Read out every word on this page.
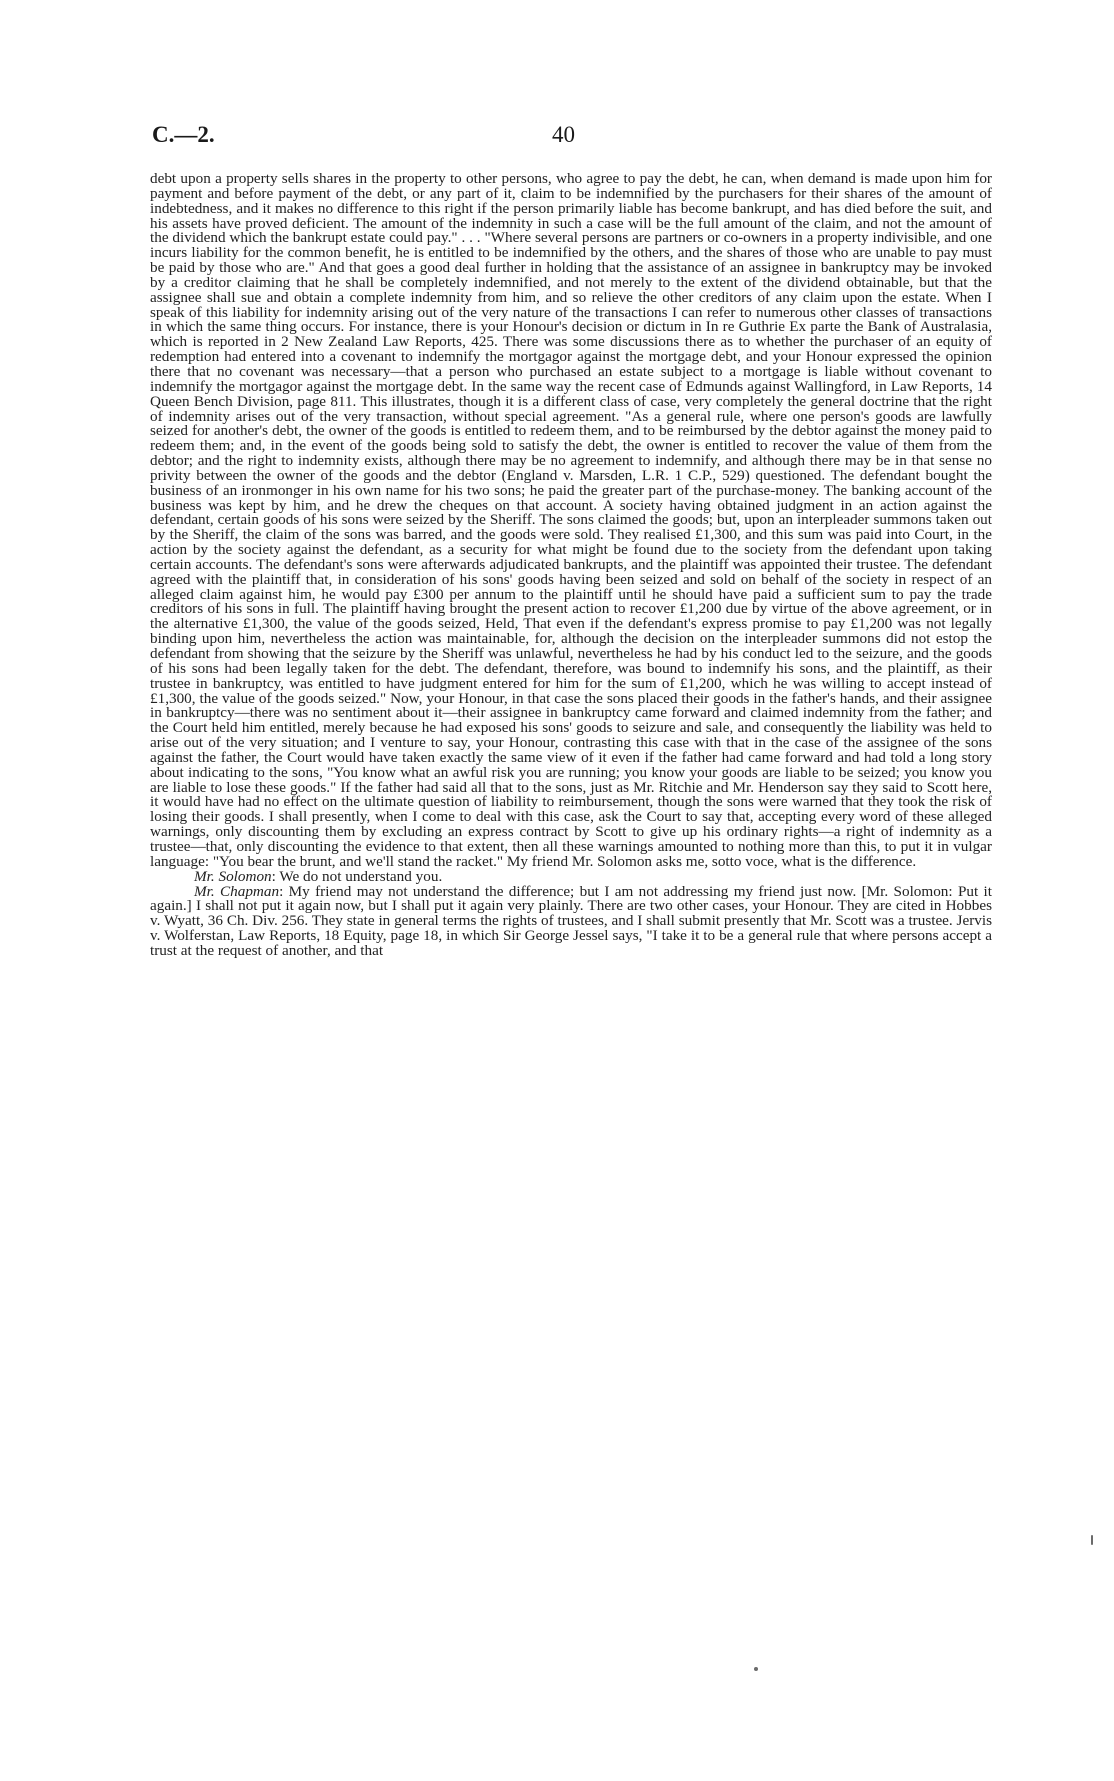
C.—2.	40

debt upon a property sells shares in the property to other persons, who agree to pay the debt, he can, when demand is made upon him for payment and before payment of the debt, or any part of it, claim to be indemnified by the purchasers for their shares of the amount of indebtedness, and it makes no difference to this right if the person primarily liable has become bankrupt, and has died before the suit, and his assets have proved deficient. The amount of the indemnity in such a case will be the full amount of the claim, and not the amount of the dividend which the bankrupt estate could pay." . . . "Where several persons are partners or co-owners in a property indivisible, and one incurs liability for the common benefit, he is entitled to be indemnified by the others, and the shares of those who are unable to pay must be paid by those who are." And that goes a good deal further in holding that the assistance of an assignee in bankruptcy may be invoked by a creditor claiming that he shall be completely indemnified, and not merely to the extent of the dividend obtainable, but that the assignee shall sue and obtain a complete indemnity from him, and so relieve the other creditors of any claim upon the estate. When I speak of this liability for indemnity arising out of the very nature of the transactions I can refer to numerous other classes of transactions in which the same thing occurs. For instance, there is your Honour's decision or dictum in In re Guthrie Ex parte the Bank of Australasia, which is reported in 2 New Zealand Law Reports, 425. There was some discussions there as to whether the purchaser of an equity of redemption had entered into a covenant to indemnify the mortgagor against the mortgage debt, and your Honour expressed the opinion there that no covenant was necessary—that a person who purchased an estate subject to a mortgage is liable without covenant to indemnify the mortgagor against the mortgage debt. In the same way the recent case of Edmunds against Wallingford, in Law Reports, 14 Queen Bench Division, page 811. This illustrates, though it is a different class of case, very completely the general doctrine that the right of indemnity arises out of the very transaction, without special agreement. "As a general rule, where one person's goods are lawfully seized for another's debt, the owner of the goods is entitled to redeem them, and to be reimbursed by the debtor against the money paid to redeem them; and, in the event of the goods being sold to satisfy the debt, the owner is entitled to recover the value of them from the debtor; and the right to indemnity exists, although there may be no agreement to indemnify, and although there may be in that sense no privity between the owner of the goods and the debtor (England v. Marsden, L.R. 1 C.P., 529) questioned. The defendant bought the business of an ironmonger in his own name for his two sons; he paid the greater part of the purchase-money. The banking account of the business was kept by him, and he drew the cheques on that account. A society having obtained judgment in an action against the defendant, certain goods of his sons were seized by the Sheriff. The sons claimed the goods; but, upon an interpleader summons taken out by the Sheriff, the claim of the sons was barred, and the goods were sold. They realised £1,300, and this sum was paid into Court, in the action by the society against the defendant, as a security for what might be found due to the society from the defendant upon taking certain accounts. The defendant's sons were afterwards adjudicated bankrupts, and the plaintiff was appointed their trustee. The defendant agreed with the plaintiff that, in consideration of his sons' goods having been seized and sold on behalf of the society in respect of an alleged claim against him, he would pay £300 per annum to the plaintiff until he should have paid a sufficient sum to pay the trade creditors of his sons in full. The plaintiff having brought the present action to recover £1,200 due by virtue of the above agreement, or in the alternative £1,300, the value of the goods seized, Held, That even if the defendant's express promise to pay £1,200 was not legally binding upon him, nevertheless the action was maintainable, for, although the decision on the interpleader summons did not estop the defendant from showing that the seizure by the Sheriff was unlawful, nevertheless he had by his conduct led to the seizure, and the goods of his sons had been legally taken for the debt. The defendant, therefore, was bound to indemnify his sons, and the plaintiff, as their trustee in bankruptcy, was entitled to have judgment entered for him for the sum of £1,200, which he was willing to accept instead of £1,300, the value of the goods seized." Now, your Honour, in that case the sons placed their goods in the father's hands, and their assignee in bankruptcy—there was no sentiment about it—their assignee in bankruptcy came forward and claimed indemnity from the father; and the Court held him entitled, merely because he had exposed his sons' goods to seizure and sale, and consequently the liability was held to arise out of the very situation; and I venture to say, your Honour, contrasting this case with that in the case of the assignee of the sons against the father, the Court would have taken exactly the same view of it even if the father had came forward and had told a long story about indicating to the sons, "You know what an awful risk you are running; you know your goods are liable to be seized; you know you are liable to lose these goods." If the father had said all that to the sons, just as Mr. Ritchie and Mr. Henderson say they said to Scott here, it would have had no effect on the ultimate question of liability to reimbursement, though the sons were warned that they took the risk of losing their goods. I shall presently, when I come to deal with this case, ask the Court to say that, accepting every word of these alleged warnings, only discounting them by excluding an express contract by Scott to give up his ordinary rights—a right of indemnity as a trustee—that, only discounting the evidence to that extent, then all these warnings amounted to nothing more than this, to put it in vulgar language: "You bear the brunt, and we'll stand the racket." My friend Mr. Solomon asks me, sotto voce, what is the difference.

Mr. Solomon: We do not understand you.

Mr. Chapman: My friend may not understand the difference; but I am not addressing my friend just now. [Mr. Solomon: Put it again.] I shall not put it again now, but I shall put it again very plainly. There are two other cases, your Honour. They are cited in Hobbes v. Wyatt, 36 Ch. Div. 256. They state in general terms the rights of trustees, and I shall submit presently that Mr. Scott was a trustee. Jervis v. Wolferstan, Law Reports, 18 Equity, page 18, in which Sir George Jessel says, "I take it to be a general rule that where persons accept a trust at the request of another, and that
